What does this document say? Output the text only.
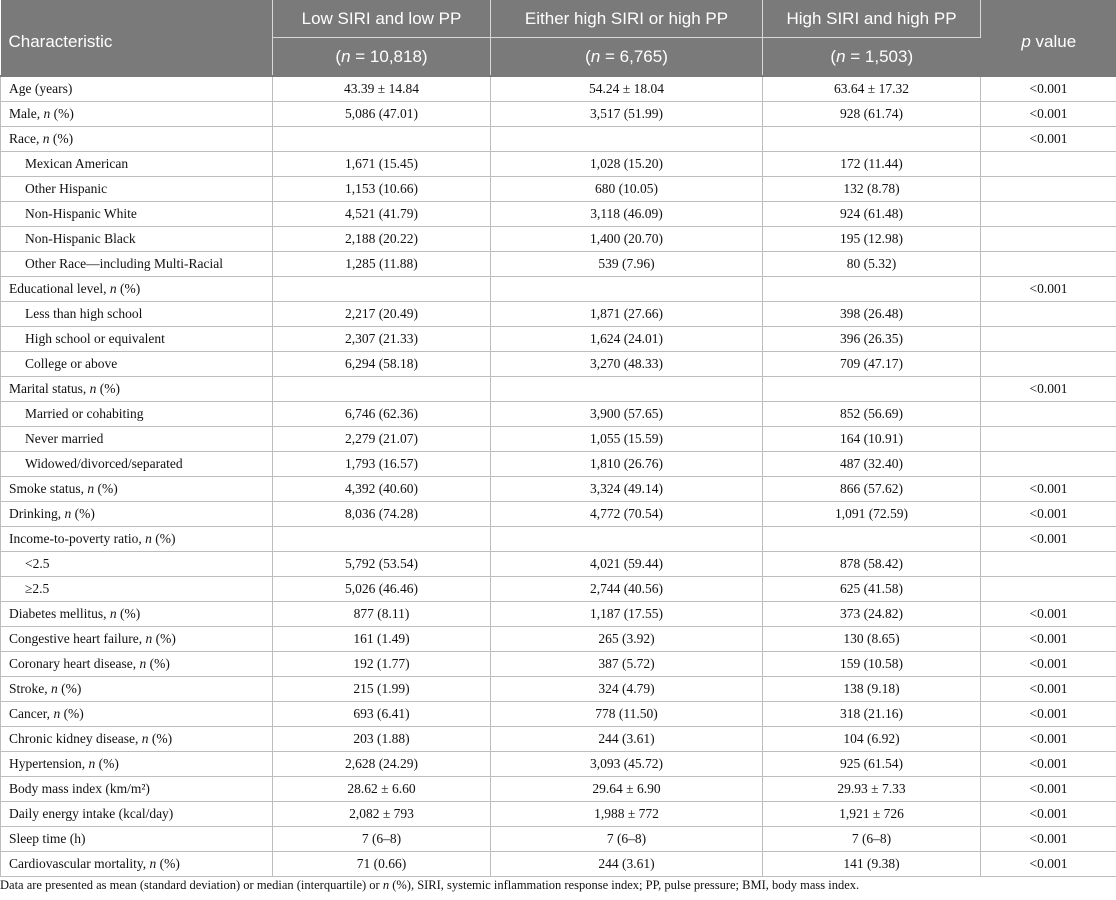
Characteristic	Low SIRI and low PP	Either high SIRI or high PP	High SIRI and high PP	p value
	(n = 10,818)	(n = 6,765)	(n = 1,503)	
Age (years)	43.39 ± 14.84	54.24 ± 18.04	63.64 ± 17.32	<0.001
Male, n (%)	5,086 (47.01)	3,517 (51.99)	928 (61.74)	<0.001
Race, n (%)				<0.001
Mexican American	1,671 (15.45)	1,028 (15.20)	172 (11.44)	
Other Hispanic	1,153 (10.66)	680 (10.05)	132 (8.78)	
Non-Hispanic White	4,521 (41.79)	3,118 (46.09)	924 (61.48)	
Non-Hispanic Black	2,188 (20.22)	1,400 (20.70)	195 (12.98)	
Other Race—including Multi-Racial	1,285 (11.88)	539 (7.96)	80 (5.32)	
Educational level, n (%)				<0.001
Less than high school	2,217 (20.49)	1,871 (27.66)	398 (26.48)	
High school or equivalent	2,307 (21.33)	1,624 (24.01)	396 (26.35)	
College or above	6,294 (58.18)	3,270 (48.33)	709 (47.17)	
Marital status, n (%)				<0.001
Married or cohabiting	6,746 (62.36)	3,900 (57.65)	852 (56.69)	
Never married	2,279 (21.07)	1,055 (15.59)	164 (10.91)	
Widowed/divorced/separated	1,793 (16.57)	1,810 (26.76)	487 (32.40)	
Smoke status, n (%)	4,392 (40.60)	3,324 (49.14)	866 (57.62)	<0.001
Drinking, n (%)	8,036 (74.28)	4,772 (70.54)	1,091 (72.59)	<0.001
Income-to-poverty ratio, n (%)				<0.001
<2.5	5,792 (53.54)	4,021 (59.44)	878 (58.42)	
≥2.5	5,026 (46.46)	2,744 (40.56)	625 (41.58)	
Diabetes mellitus, n (%)	877 (8.11)	1,187 (17.55)	373 (24.82)	<0.001
Congestive heart failure, n (%)	161 (1.49)	265 (3.92)	130 (8.65)	<0.001
Coronary heart disease, n (%)	192 (1.77)	387 (5.72)	159 (10.58)	<0.001
Stroke, n (%)	215 (1.99)	324 (4.79)	138 (9.18)	<0.001
Cancer, n (%)	693 (6.41)	778 (11.50)	318 (21.16)	<0.001
Chronic kidney disease, n (%)	203 (1.88)	244 (3.61)	104 (6.92)	<0.001
Hypertension, n (%)	2,628 (24.29)	3,093 (45.72)	925 (61.54)	<0.001
Body mass index (km/m²)	28.62 ± 6.60	29.64 ± 6.90	29.93 ± 7.33	<0.001
Daily energy intake (kcal/day)	2,082 ± 793	1,988 ± 772	1,921 ± 726	<0.001
Sleep time (h)	7 (6–8)	7 (6–8)	7 (6–8)	<0.001
Cardiovascular mortality, n (%)	71 (0.66)	244 (3.61)	141 (9.38)	<0.001
Data are presented as mean (standard deviation) or median (interquartile) or n (%), SIRI, systemic inflammation response index; PP, pulse pressure; BMI, body mass index.
